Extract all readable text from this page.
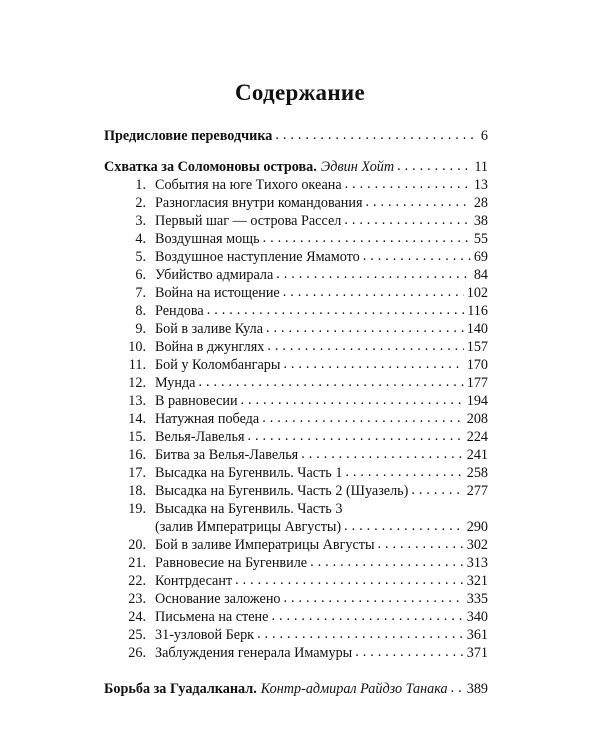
Содержание
Предисловие переводчика . . .	6
Схватка за Соломоновы острова. Эдвин Хойт . . .	11
1. События на юге Тихого океана . . .	13
2. Разногласия внутри командования . . .	28
3. Первый шаг — острова Рассел . . .	38
4. Воздушная мощь . . .	55
5. Воздушное наступление Ямамото . . .	69
6. Убийство адмирала . . .	84
7. Война на истощение . . .	102
8. Рендова . . .	116
9. Бой в заливе Кула . . .	140
10. Война в джунглях . . .	157
11. Бой у Коломбангары . . .	170
12. Мунда . . .	177
13. В равновесии . . .	194
14. Натужная победа . . .	208
15. Велья-Лавелья . . .	224
16. Битва за Велья-Лавелья . . .	241
17. Высадка на Бугенвиль. Часть 1 . . .	258
18. Высадка на Бугенвиль. Часть 2 (Шуазель) . . .	277
19. Высадка на Бугенвиль. Часть 3
(залив Императрицы Августы) . . .	290
20. Бой в заливе Императрицы Августы . . .	302
21. Равновесие на Бугенвиле . . .	313
22. Контрдесант . . .	321
23. Основание заложено . . .	335
24. Письмена на стене . . .	340
25. 31-узловой Берк . . .	361
26. Заблуждения генерала Имамуры . . .	371
Борьба за Гуадалканал. Контр-адмирал Райдзо Танака . . . 389
